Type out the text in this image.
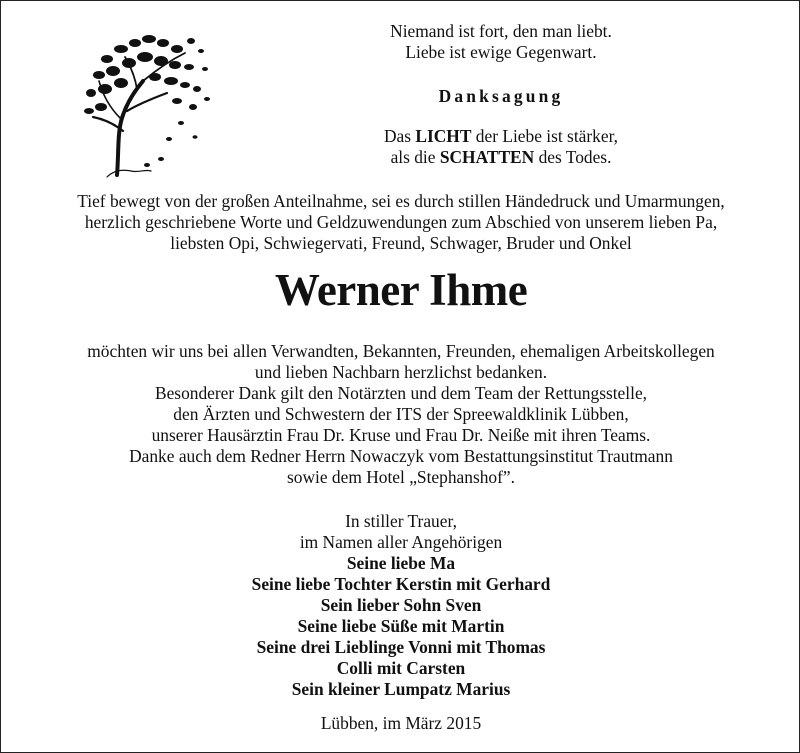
Niemand ist fort, den man liebt.
Liebe ist ewige Gegenwart.
Danksagung
Das LICHT der Liebe ist stärker,
als die SCHATTEN des Todes.
Tief bewegt von der großen Anteilnahme, sei es durch stillen Händedruck und Umarmungen,
herzlich geschriebene Worte und Geldzuwendungen zum Abschied von unserem lieben Pa,
liebsten Opi, Schwiegervati, Freund, Schwager, Bruder und Onkel
Werner Ihme
möchten wir uns bei allen Verwandten, Bekannten, Freunden, ehemaligen Arbeitskollegen
und lieben Nachbarn herzlichst bedanken.
Besonderer Dank gilt den Notärzten und dem Team der Rettungsstelle,
den Ärzten und Schwestern der ITS der Spreewaldklinik Lübben,
unserer Hausärztin Frau Dr. Kruse und Frau Dr. Neiße mit ihren Teams.
Danke auch dem Redner Herrn Nowaczyk vom Bestattungsinstitut Trautmann
sowie dem Hotel „Stephanshof”.
In stiller Trauer,
im Namen aller Angehörigen
Seine liebe Ma
Seine liebe Tochter Kerstin mit Gerhard
Sein lieber Sohn Sven
Seine liebe Süße mit Martin
Seine drei Lieblinge Vonni mit Thomas
Colli mit Carsten
Sein kleiner Lumpatz Marius
Lübben, im März 2015
